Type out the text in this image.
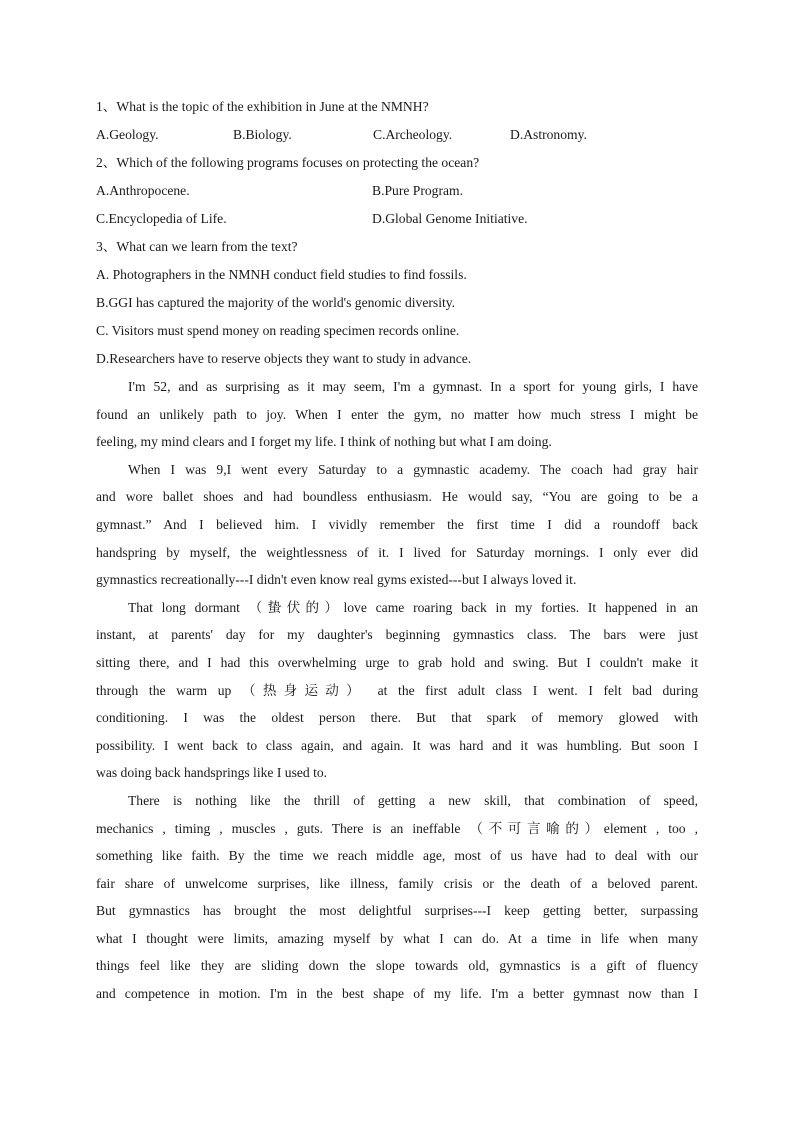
1、What is the topic of the exhibition in June at the NMNH?
A.Geology.	B.Biology.	C.Archeology.	D.Astronomy.
2、Which of the following programs focuses on protecting the ocean?
A.Anthropocene.	B.Pure Program.
C.Encyclopedia of Life.	D.Global Genome Initiative.
3、What can we learn from the text?
A. Photographers in the NMNH conduct field studies to find fossils.
B.GGI has captured the majority of the world's genomic diversity.
C. Visitors must spend money on reading specimen records online.
D.Researchers have to reserve objects they want to study in advance.
I'm 52, and as surprising as it may seem, I'm a gymnast. In a sport for young girls, I have
found an unlikely path to joy. When I enter the gym, no matter how much stress I might be
feeling, my mind clears and I forget my life. I think of nothing but what I am doing.
When I was 9,I went every Saturday to a gymnastic academy. The coach had gray hair
and wore ballet shoes and had boundless enthusiasm. He would say, “You are going to be a
gymnast.” And I believed him. I vividly remember the first time I did a roundoff back
handspring by myself, the weightlessness of it. I lived for Saturday mornings. I only ever did
gymnastics recreationally---I didn't even know real gyms existed---but I always loved it.
That long dormant （蛰伏的）love came roaring back in my forties. It happened in an
instant, at parents' day for my daughter's beginning gymnastics class. The bars were just
sitting there, and I had this overwhelming urge to grab hold and swing. But I couldn't make it
through the warm up （热身运动） at the first adult class I went. I felt bad during
conditioning. I was the oldest person there. But that spark of memory glowed with
possibility. I went back to class again, and again. It was hard and it was humbling. But soon I
was doing back handsprings like I used to.
There is nothing like the thrill of getting a new skill, that combination of speed,
mechanics , timing , muscles , guts. There is an ineffable （不可言喻的）element , too ,
something like faith. By the time we reach middle age, most of us have had to deal with our
fair share of unwelcome surprises, like illness, family crisis or the death of a beloved parent.
But gymnastics has brought the most delightful surprises---I keep getting better, surpassing
what I thought were limits, amazing myself by what I can do. At a time in life when many
things feel like they are sliding down the slope towards old, gymnastics is a gift of fluency
and competence in motion. I'm in the best shape of my life. I'm a better gymnast now than I
